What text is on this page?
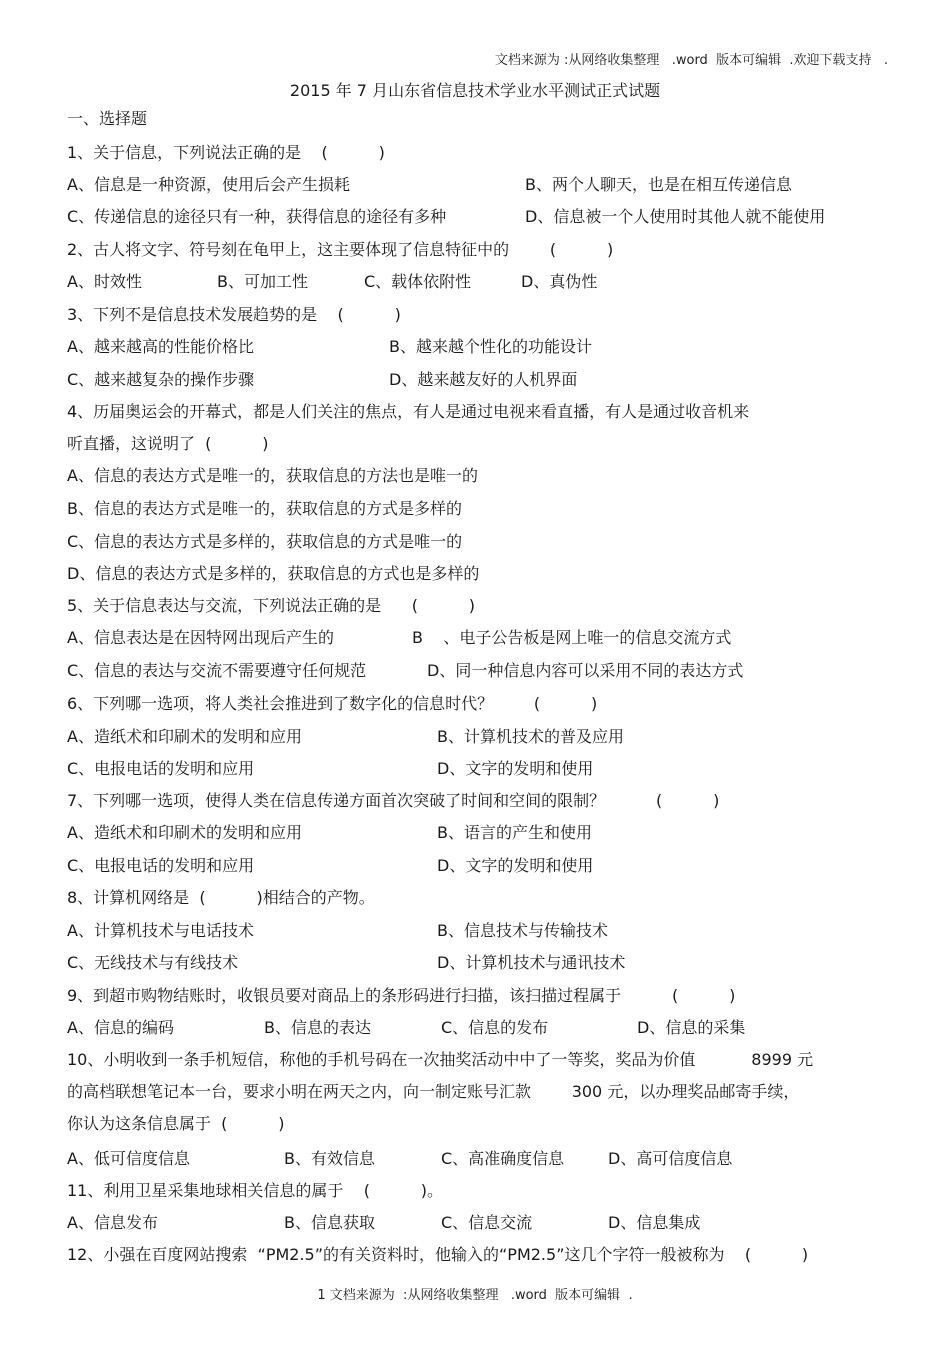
文档来源为 :从网络收集整理   .word  版本可编辑  .欢迎下载支持   .
2015 年 7 月山东省信息技术学业水平测试正式试题
一、选择题
1、关于信息，下列说法正确的是    (          )
A、信息是一种资源，使用后会产生损耗	B、两个人聊天，也是在相互传递信息
C、传递信息的途径只有一种，获得信息的途径有多种	D、信息被一个人使用时其他人就不能使用
2、古人将文字、符号刻在龟甲上，这主要体现了信息特征中的        (          )
A、时效性	B、可加工性	C、载体依附性	D、真伪性
3、下列不是信息技术发展趋势的是    (          )
A、越来越高的性能价格比	B、越来越个性化的功能设计
C、越来越复杂的操作步骤	D、越来越友好的人机界面
4、历届奥运会的开幕式，都是人们关注的焦点，有人是通过电视来看直播，有人是通过收音机来
听直播，这说明了  (          )
A、信息的表达方式是唯一的，获取信息的方法也是唯一的
B、信息的表达方式是唯一的，获取信息的方式是多样的
C、信息的表达方式是多样的，获取信息的方式是唯一的
D、信息的表达方式是多样的，获取信息的方式也是多样的
5、关于信息表达与交流，下列说法正确的是      (          )
A、信息表达是在因特网出现后产生的	B    、电子公告板是网上唯一的信息交流方式
C、信息的表达与交流不需要遵守任何规范	D、同一种信息内容可以采用不同的表达方式
6、下列哪一选项，将人类社会推进到了数字化的信息时代？        (          )
A、造纸术和印刷术的发明和应用	B、计算机技术的普及应用
C、电报电话的发明和应用	D、文字的发明和使用
7、下列哪一选项，使得人类在信息传递方面首次突破了时间和空间的限制？          (          )
A、造纸术和印刷术的发明和应用	B、语言的产生和使用
C、电报电话的发明和应用	D、文字的发明和使用
8、计算机网络是  (          )相结合的产物。
A、计算机技术与电话技术	B、信息技术与传输技术
C、无线技术与有线技术	D、计算机技术与通讯技术
9、到超市购物结账时，收银员要对商品上的条形码进行扫描，该扫描过程属于          (          )
A、信息的编码	B、信息的表达	C、信息的发布	D、信息的采集
10、小明收到一条手机短信，称他的手机号码在一次抽奖活动中中了一等奖，奖品为价值           8999 元
的高档联想笔记本一台，要求小明在两天之内，向一制定账号汇款        300 元，以办理奖品邮寄手续，
你认为这条信息属于  (          )
A、低可信度信息	B、有效信息	C、高准确度信息	D、高可信度信息
11、利用卫星采集地球相关信息的属于    (          )。
A、信息发布	B、信息获取	C、信息交流	D、信息集成
12、小强在百度网站搜索  “PM2.5”的有关资料时，他输入的“PM2.5”这几个字符一般被称为    (          )
1 文档来源为  :从网络收集整理   .word  版本可编辑  .
